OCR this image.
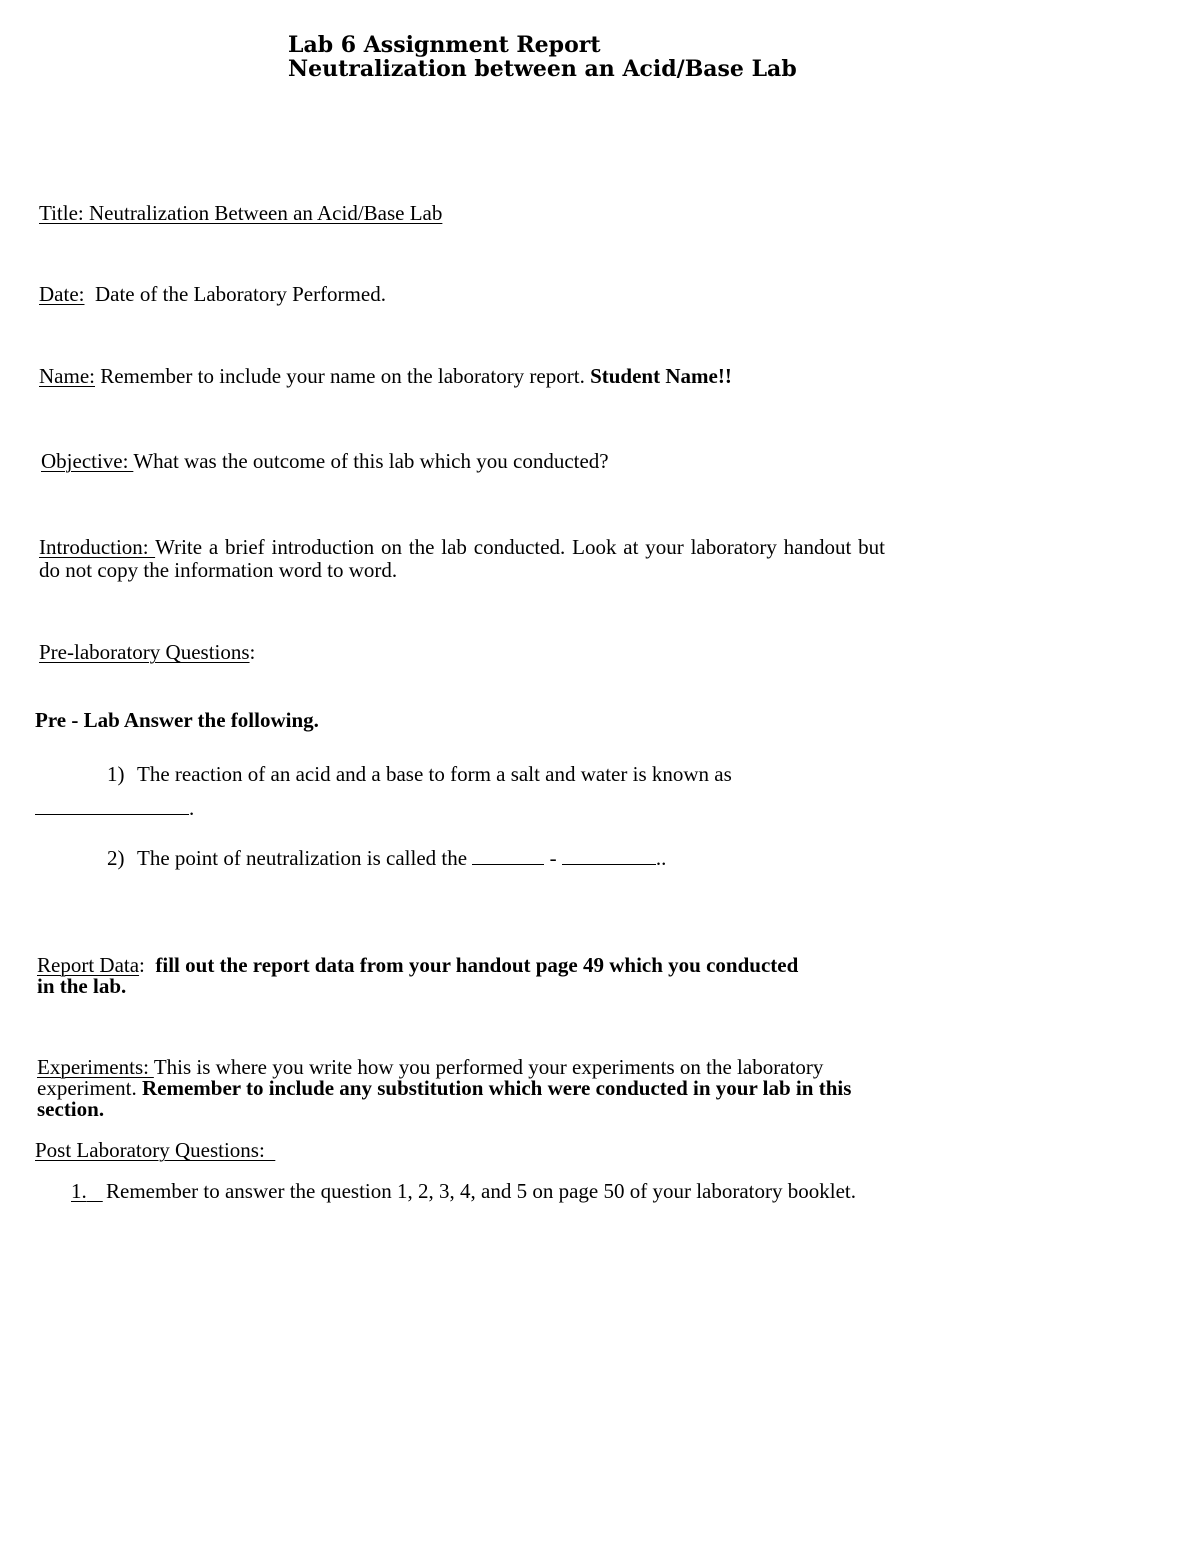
Lab 6 Assignment Report
Neutralization between an Acid/Base Lab

Title: Neutralization Between an Acid/Base Lab

Date:  Date of the Laboratory Performed.

Name: Remember to include your name on the laboratory report. Student Name!!

Objective: What was the outcome of this lab which you conducted?

Introduction: Write a brief introduction on the lab conducted. Look at your laboratory handout but do not copy the information word to word.

Pre-laboratory Questions:

Pre - Lab Answer the following.

1) The reaction of an acid and a base to form a salt and water is known as

.

2) The point of neutralization is called the	-	..

Report Data:  fill out the report data from your handout page 49 which you conducted in the lab.

Experiments: This is where you write how you performed your experiments on the laboratory experiment. Remember to include any substitution which were conducted in your lab in this section.

Post Laboratory Questions:

1.
Remember to answer the question 1, 2, 3, 4, and 5 on page 50 of your laboratory booklet.
